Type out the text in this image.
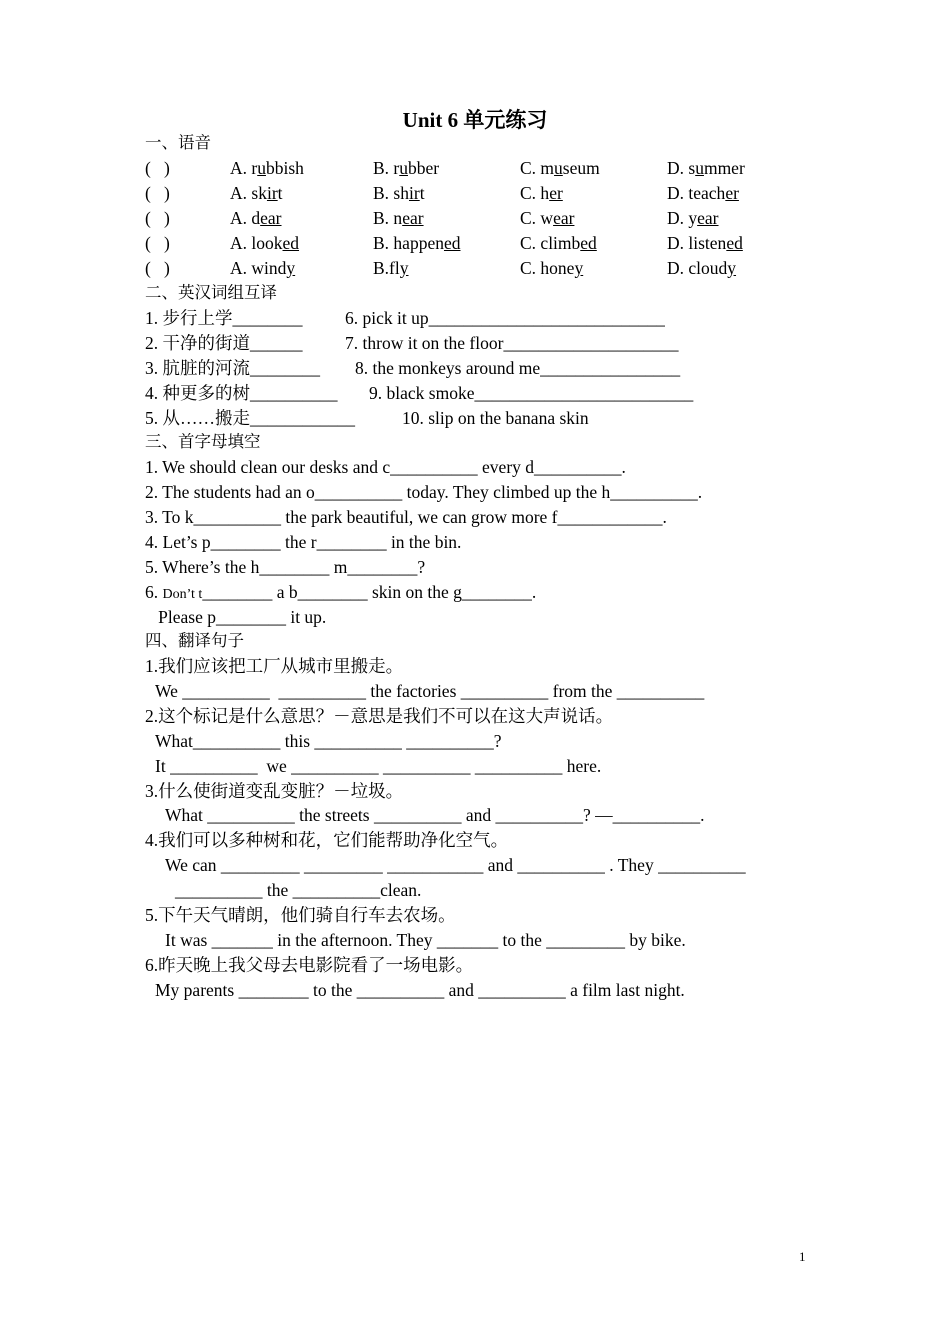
Unit 6 单元练习
一、语音
(   )	A. rubbish	B. rubber	C. museum	D. summer
(   )	A. skirt	B. shirt	C. her	D. teacher
(   )	A. dear	B. near	C. wear	D. year
(   )	A. looked	B. happened	C. climbed	D. listened
(   )	A. windy	B.fly	C. honey	D. cloudy
二、英汉词组互译
1. 步行上学________ 6. pick it up___________________________
2. 干净的街道______ 7. throw it on the floor____________________
3. 肮脏的河流________ 8. the monkeys around me________________
4. 种更多的树__________ 9. black smoke_________________________
5. 从……搬走____________	10. slip on the banana skin
三、首字母填空
1. We should clean our desks and c__________ every d__________.
2. The students had an o__________ today. They climbed up the h__________.
3. To k__________ the park beautiful, we can grow more f____________.
4. Let’s p________ the r________ in the bin.
5. Where’s the h________ m________?
6. Don’t t________ a b________ skin on the g________.
Please p________ it up.
四、翻译句子
1.我们应该把工厂从城市里搬走。
We __________  __________ the factories __________ from the __________
2.这个标记是什么意思？－意思是我们不可以在这大声说话。
What__________ this __________ __________?
It __________  we __________ __________ __________ here.
3.什么使街道变乱变脏？－垃圾。
What __________ the streets __________ and __________? —__________.
4.我们可以多种树和花，它们能帮助净化空气。
We can _________ _________ ___________ and __________ . They __________
__________ the __________clean.
5.下午天气晴朗，他们骑自行车去农场。
It was _______ in the afternoon. They _______ to the _________ by bike.
6.昨天晚上我父母去电影院看了一场电影。
My parents ________ to the __________ and __________ a film last night.
1
